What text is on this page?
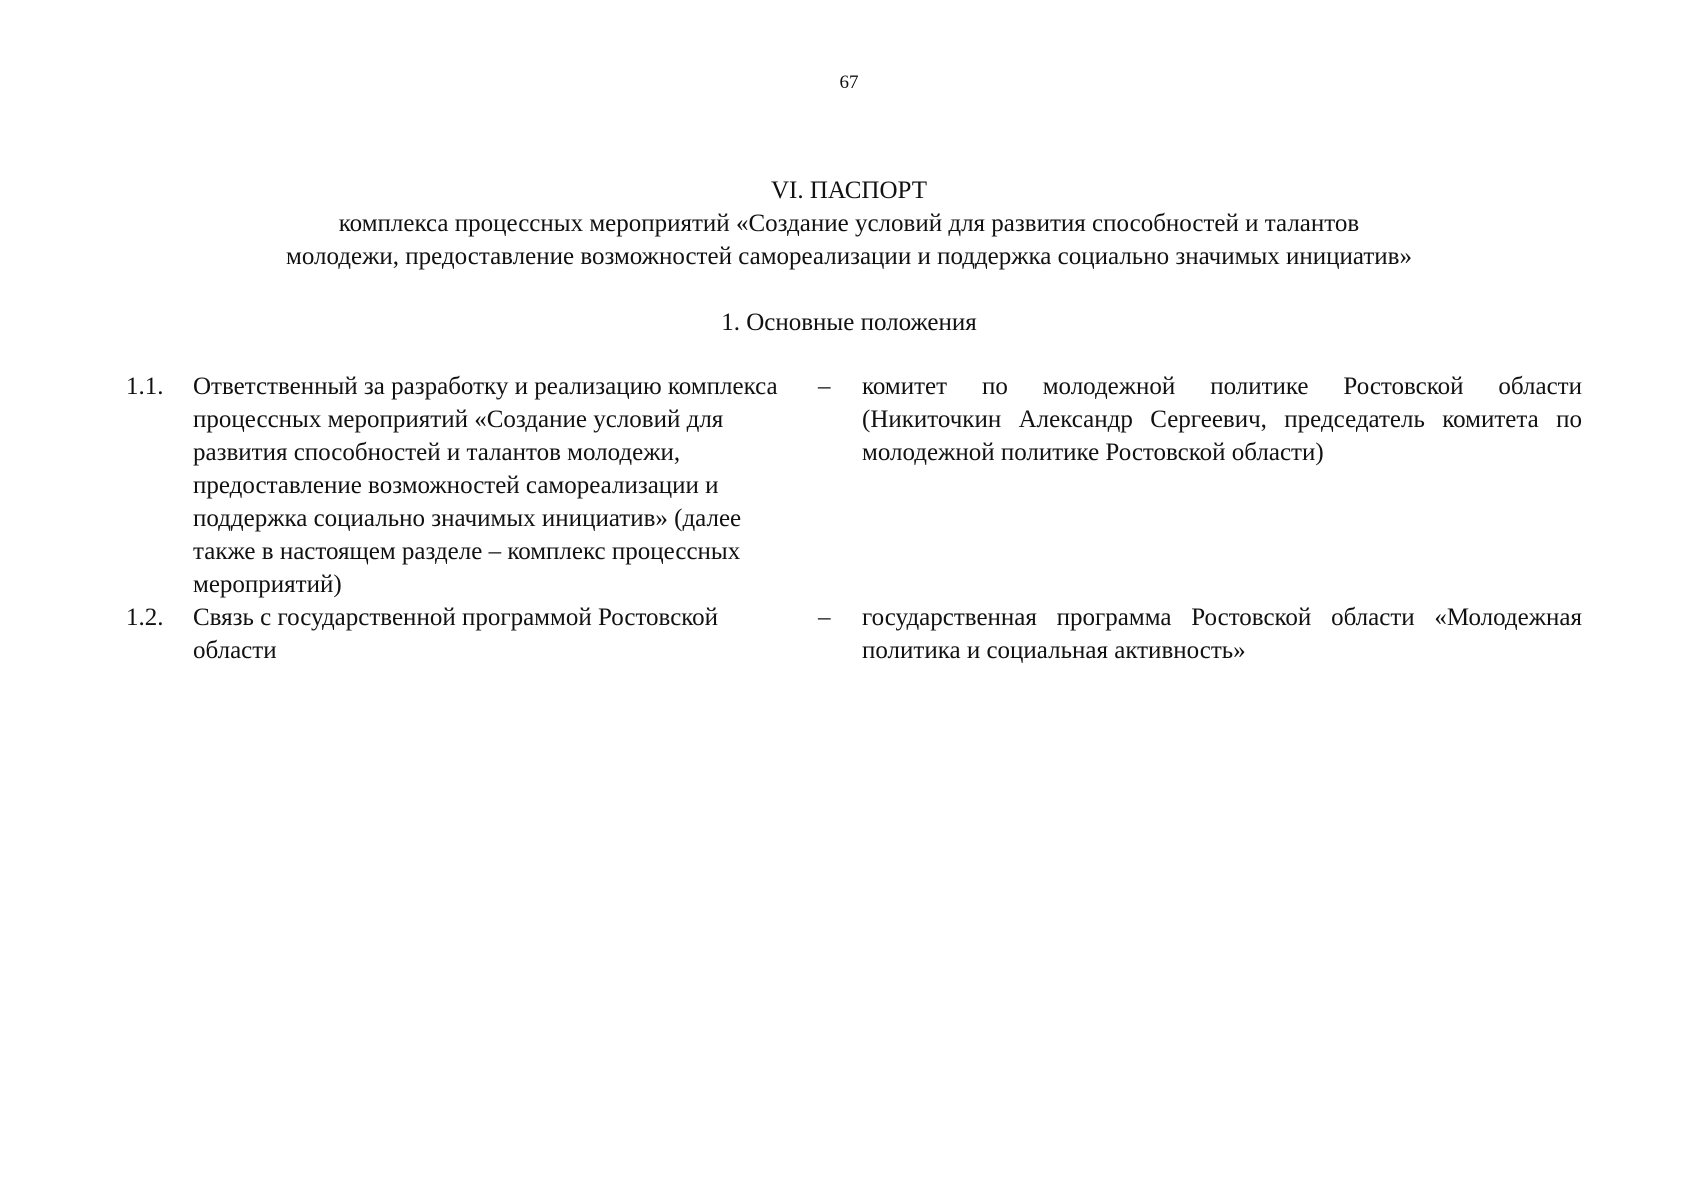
67
VI. ПАСПОРТ
комплекса процессных мероприятий «Создание условий для развития способностей и талантов
молодежи, предоставление возможностей самореализации и поддержка социально значимых инициатив»
1. Основные положения
1.1. Ответственный за разработку и реализацию комплекса процессных мероприятий «Создание условий для развития способностей и талантов молодежи, предоставление возможностей самореализации и поддержка социально значимых инициатив» (далее также в настоящем разделе – комплекс процессных мероприятий)
– комитет по молодежной политике Ростовской области (Никиточкин Александр Сергеевич, председатель комитета по молодежной политике Ростовской области)
1.2. Связь с государственной программой Ростовской области
– государственная программа Ростовской области «Молодежная политика и социальная активность»
